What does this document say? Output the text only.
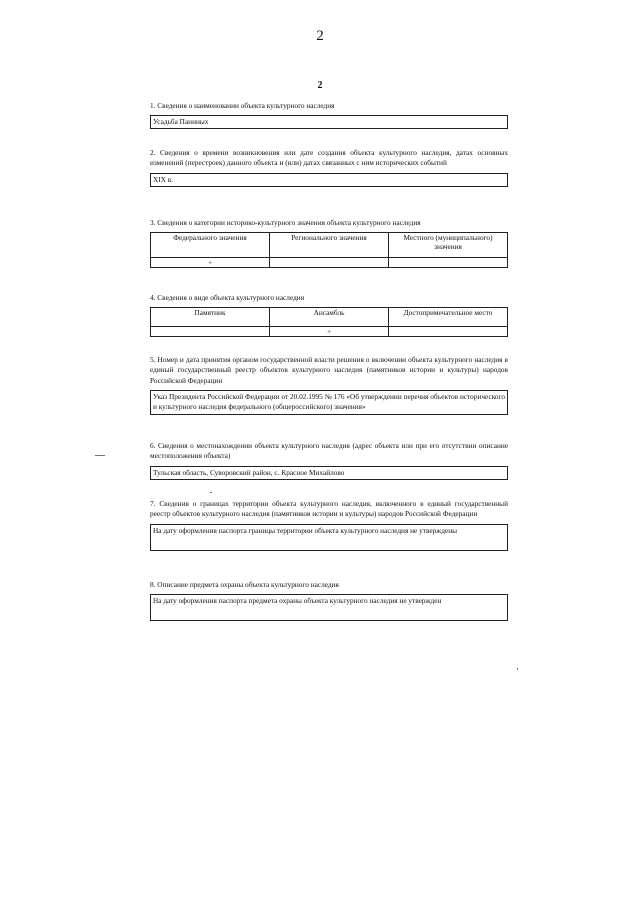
2
2

1. Сведения о наименовании объекта культурного наследия

Усадьба Паниных

2. Сведения о времени возникновения или дате создания объекта культурного наследия, датах основных изменений (перестроек) данного объекта и (или) датах связанных с ним исторических событий

XIX в.

3. Сведения о категории историко-культурного значения объекта культурного наследия

Федерального значения	Регионального значения	Местного (муниципального) значения
+		

4. Сведения о виде объекта культурного наследия

Памятник	Ансамбль	Достопримечательное место
	+	

5. Номер и дата принятия органом государственной власти решения о включении объекта культурного наследия в единый государственный реестр объектов культурного наследия (памятников истории и культуры) народов Российской Федерации

Указ Президента Российской Федерации от 20.02.1995 № 176 «Об утверждении перечня объектов исторического и культурного наследия федерального (общероссийского) значения»

6. Сведения о местонахождении объекта культурного наследия (адрес объекта или при его отсутствии описание местоположения объекта)

Тульская область, Суворовский район, с. Красное Михайлово

7. Сведения о границах территории объекта культурного наследия, включенного в единый государственный реестр объектов культурного наследия (памятников истории и культуры) народов Российской Федерации

На дату оформления паспорта границы территории объекта культурного наследия не утверждены

8. Описание предмета охраны объекта культурного наследия

На дату оформления паспорта предмета охраны объекта культурного наследия не утвержден
